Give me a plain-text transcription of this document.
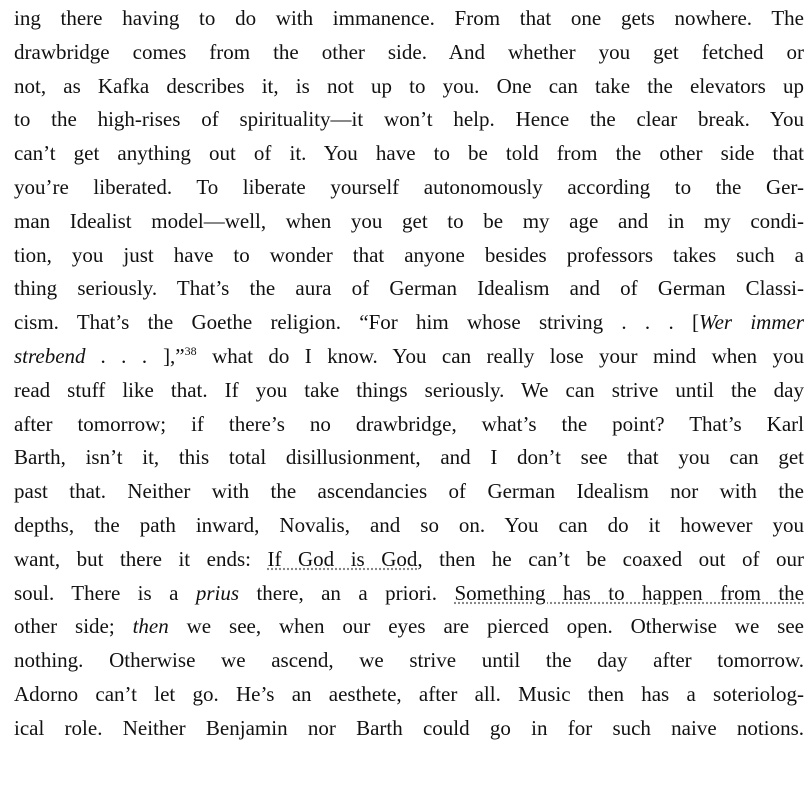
ing there having to do with immanence. From that one gets nowhere. The
drawbridge comes from the other side. And whether you get fetched or
not, as Kafka describes it, is not up to you. One can take the elevators up
to the high-rises of spirituality—it won’t help. Hence the clear break. You
can’t get anything out of it. You have to be told from the other side that
you’re liberated. To liberate yourself autonomously according to the Ger-
man Idealist model—well, when you get to be my age and in my condi-
tion, you just have to wonder that anyone besides professors takes such a
thing seriously. That’s the aura of German Idealism and of German Classi-
cism. That’s the Goethe religion. “For him whose striving . . . [Wer immer
strebend . . . ],”$^{38}$ what do I know. You can really lose your mind when you
read stuff like that. If you take things seriously. We can strive until the day
after tomorrow; if there’s no drawbridge, what’s the point? That’s Karl
Barth, isn’t it, this total disillusionment, and I don’t see that you can get
past that. Neither with the ascendancies of German Idealism nor with the
depths, the path inward, Novalis, and so on. You can do it however you
want, but there it ends: If God is God, then he can’t be coaxed out of our
soul. There is a prius there, an a priori. Something has to happen from the
other side; then we see, when our eyes are pierced open. Otherwise we see
nothing. Otherwise we ascend, we strive until the day after tomorrow.
Adorno can’t let go. He’s an aesthete, after all. Music then has a soteriolog-
ical role. Neither Benjamin nor Barth could go in for such naive notions.
